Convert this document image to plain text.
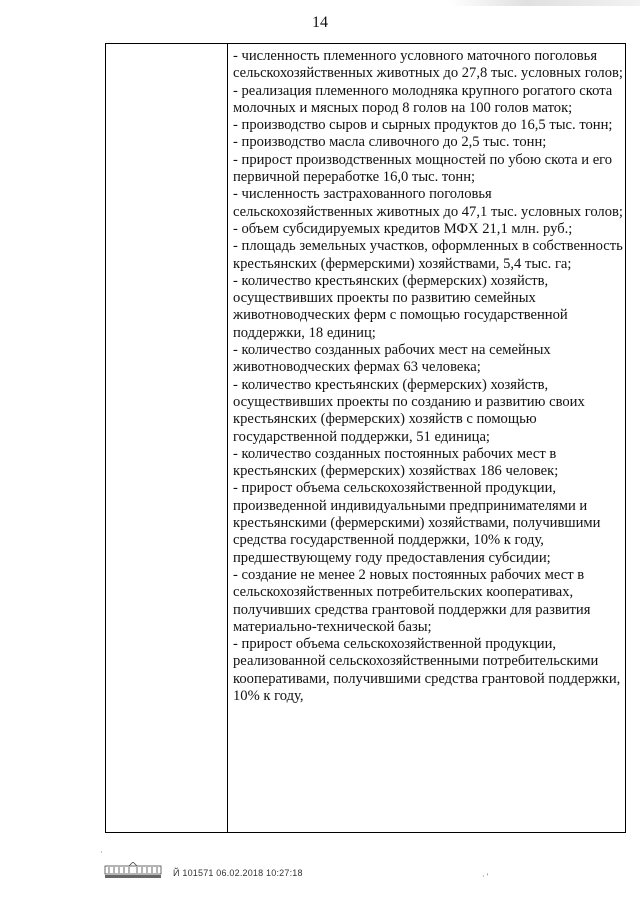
14

- численность племенного условного маточного поголовья сельскохозяйственных животных до 27,8 тыс. условных голов;

- реализация племенного молодняка крупного рогатого скота молочных и мясных пород 8 голов на 100 голов маток;

- производство сыров и сырных продуктов до 16,5 тыс. тонн;

- производство масла сливочного до 2,5 тыс. тонн;

- прирост производственных мощностей по убою скота и его первичной переработке 16,0 тыс. тонн;

- численность застрахованного поголовья сельскохозяйственных животных до 47,1 тыс. условных голов;

- объем субсидируемых кредитов МФХ 21,1 млн. руб.;

- площадь земельных участков, оформленных в собственность крестьянских (фермерскими) хозяйствами, 5,4 тыс. га;

- количество крестьянских (фермерских) хозяйств, осуществивших проекты по развитию семейных животноводческих ферм с помощью государственной поддержки, 18 единиц;

- количество созданных рабочих мест на семейных животноводческих фермах 63 человека;

- количество крестьянских (фермерских) хозяйств, осуществивших проекты по созданию и развитию своих крестьянских (фермерских) хозяйств с помощью государственной поддержки, 51 единица;

- количество созданных постоянных рабочих мест в крестьянских (фермерских) хозяйствах 186 человек;

- прирост объема сельскохозяйственной продукции, произведенной индивидуальными предпринимателями и крестьянскими (фермерскими) хозяйствами, получившими средства государственной поддержки, 10% к году, предшествующему году предоставления субсидии;

- создание не менее 2 новых постоянных рабочих мест в сельскохозяйственных потребительских кооперативах, получивших средства грантовой поддержки для развития материально-технической базы;

- прирост объема сельскохозяйственной продукции, реализованной сельскохозяйственными потребительскими кооперативами, получившими средства грантовой поддержки, 10% к году,

Й 101571 06.02.2018 10:27:18
·
· '
